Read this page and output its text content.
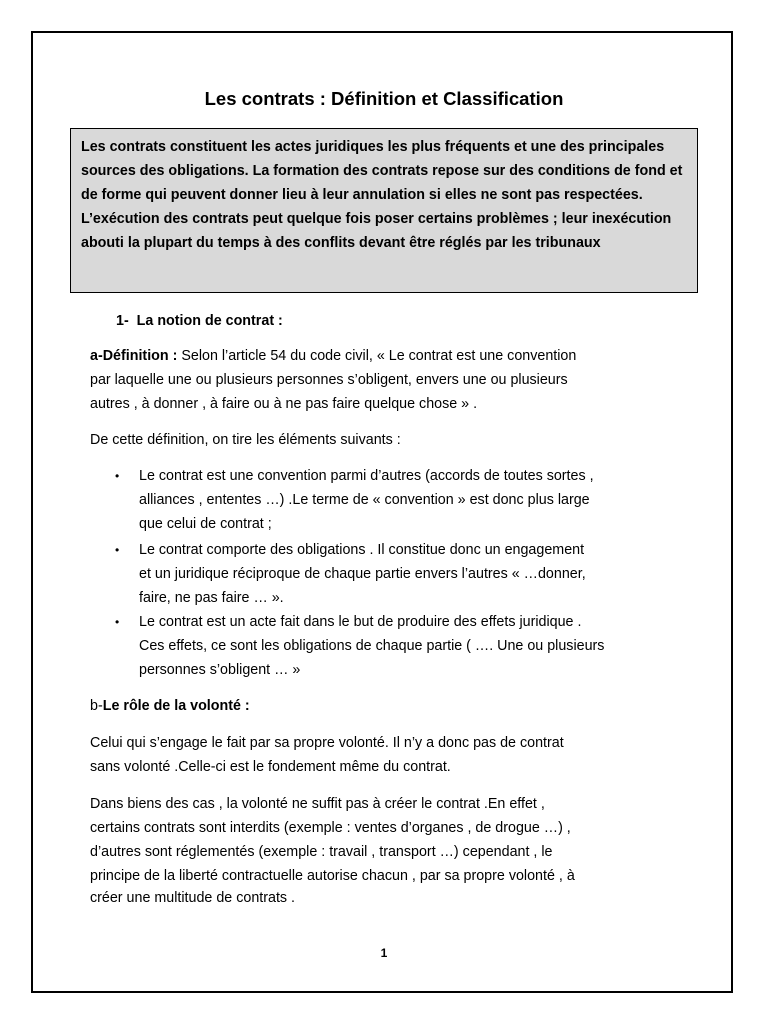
Les contrats : Définition et Classification

Les contrats constituent les actes juridiques les plus fréquents et une des principales sources des obligations. La formation des contrats repose sur des conditions de fond et de forme qui peuvent donner lieu à leur annulation si elles ne sont pas respectées. L’exécution des contrats peut quelque fois poser certains problèmes ; leur inexécution abouti la plupart du temps à des conflits devant être réglés par les tribunaux

1- La notion de contrat :
a-Définition : Selon l’article 54 du code civil, « Le contrat est une convention
par laquelle une ou plusieurs personnes s’obligent, envers une ou plusieurs
autres , à donner , à faire ou à ne pas faire quelque chose » .
De cette définition, on tire les éléments suivants :
• Le contrat est une convention parmi d’autres (accords de toutes sortes ,
alliances , ententes …) .Le terme de « convention » est donc plus large
que celui de contrat ;
• Le contrat comporte des obligations . Il constitue donc un engagement
et un juridique réciproque de chaque partie envers l’autres « …donner,
faire, ne pas faire … ».
• Le contrat est un acte fait dans le but de produire des effets juridique .
Ces effets, ce sont les obligations de chaque partie ( …. Une ou plusieurs
personnes s’obligent … »
b-Le rôle de la volonté :
Celui qui s’engage le fait par sa propre volonté. Il n’y a donc pas de contrat
sans volonté .Celle-ci est le fondement même du contrat.
Dans biens des cas , la volonté ne suffit pas à créer le contrat .En effet ,
certains contrats sont interdits (exemple : ventes d’organes , de drogue …) ,
d’autres sont réglementés (exemple : travail , transport …) cependant , le
principe de la liberté contractuelle autorise chacun , par sa propre volonté , à
créer une multitude de contrats .
1
